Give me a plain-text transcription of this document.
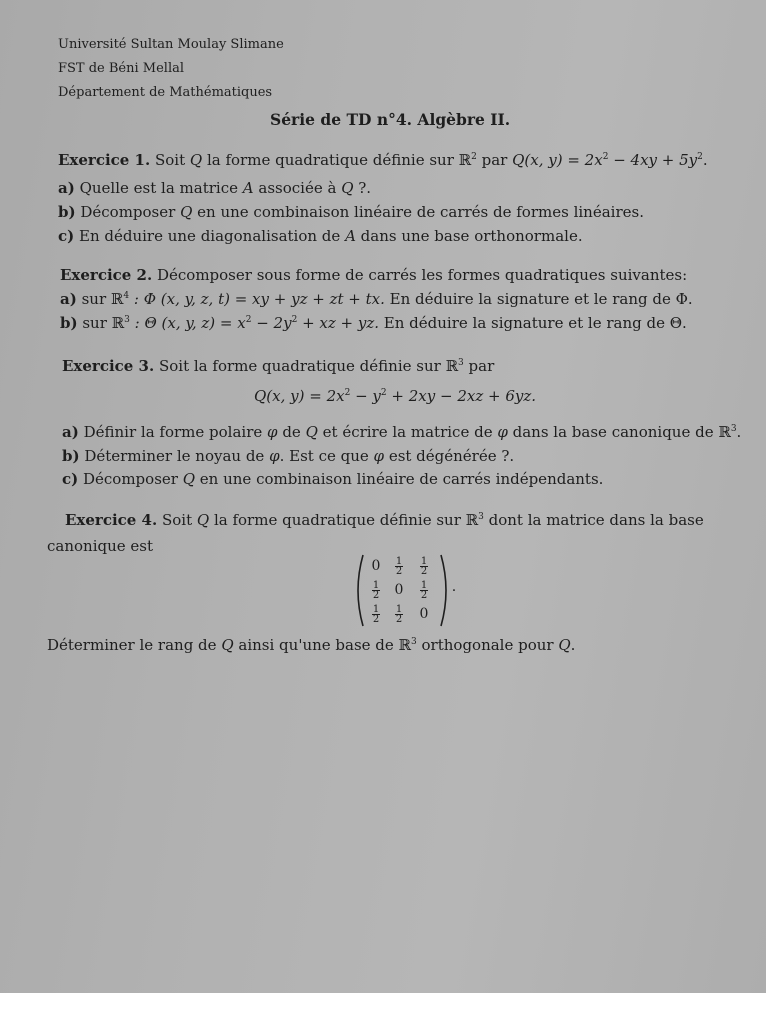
Université Sultan Moulay Slimane
FST de Béni Mellal
Département de Mathématiques
Série de TD n°4. Algèbre II.
Exercice 1. Soit Q la forme quadratique définie sur ℝ$^2$ par Q(x, $y) = 2x^2 - 4xy + 5y^2$.
a) Quelle est la matrice A associée à Q ?.
b) Décomposer Q en une combinaison linéaire de carrés de formes linéaires.
c) En déduire une diagonalisation de A dans une base orthonormale.
Exercice 2. Décomposer sous forme de carrés les formes quadratiques suivantes:
a) sur ℝ$^4$ : Φ (x, y, z, t) = xy + yz + zt + tx. En déduire la signature et le rang de Φ.
b) sur ℝ$^3$ : Θ (x, y, $z) = x^2 - 2y^2$ + xz + yz. En déduire la signature et le rang de Θ.
Exercice 3. Soit la forme quadratique définie sur ℝ$^3$ par
Q(x, $y) = 2x^2 - y^2 + 2xy - 2xz + 6yz$.
a) Définir la forme polaire φ de Q et écrire la matrice de φ dans la base canonique de ℝ$^3$.
b) Déterminer le noyau de φ. Est ce que φ est dégénérée ?.
c) Décomposer Q en une combinaison linéaire de carrés indépendants.
Exercice 4. Soit Q la forme quadratique définie sur ℝ$^3$ dont la matrice dans la base
canonique est
$0 \frac{1}{2} \frac{1}{2}$
$\frac{1}{2} 0$	$\frac{1}{2}$
$\frac{1}{2} \frac{1}{2} 0$
.
Déterminer le rang de Q ainsi qu'une base de ℝ$^3$ orthogonale pour Q.
